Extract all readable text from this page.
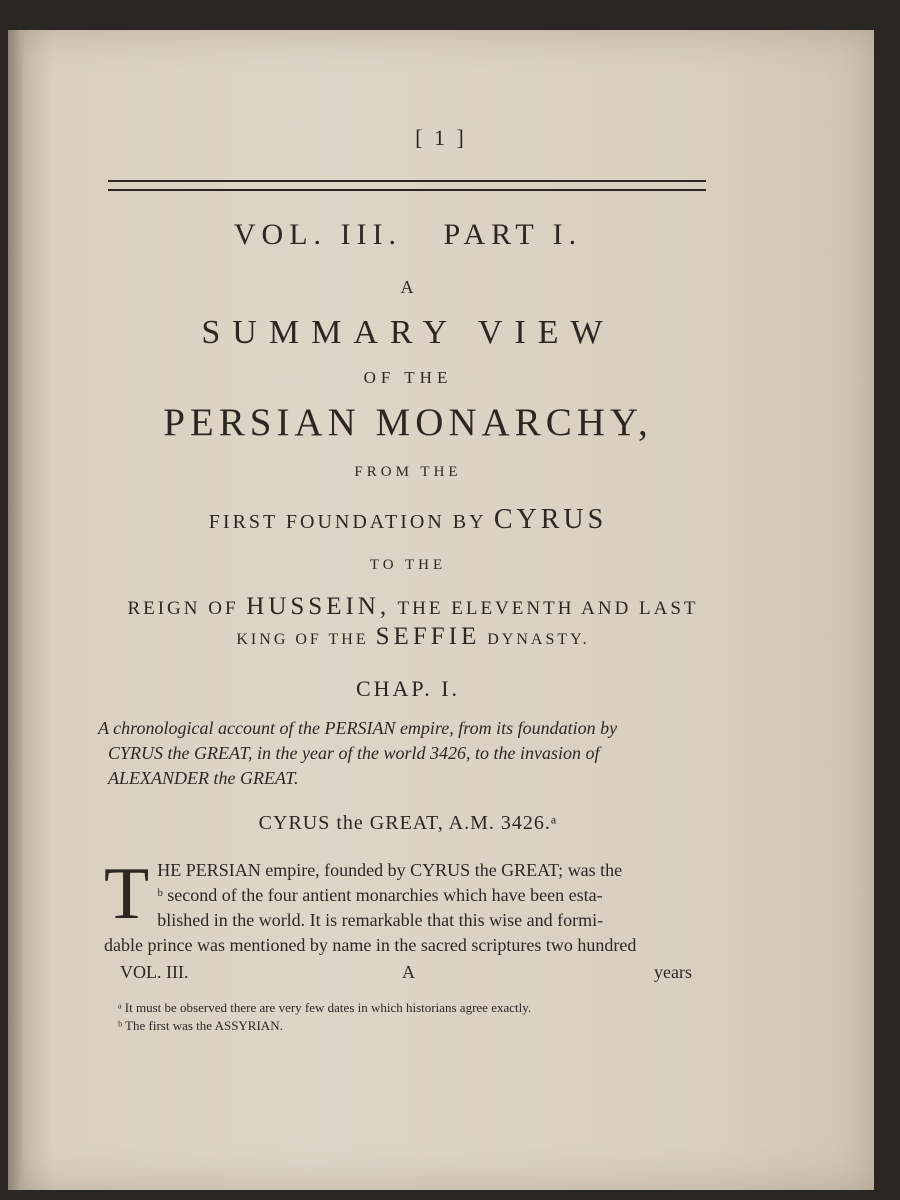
[ 1 ]
VOL. III. PART I.
A
SUMMARY VIEW
OF THE
PERSIAN MONARCHY,
FROM THE
FIRST FOUNDATION BY CYRUS
TO THE
REIGN OF HUSSEIN, THE ELEVENTH AND LAST
KING OF THE SEFFIE DYNASTY.
CHAP. I.

A chronological account of the PERSIAN empire, from its foundation by

CYRUS the GREAT, in the year of the world 3426, to the invasion of

ALEXANDER the GREAT.

CYRUS the GREAT, A.M. 3426.ᵃ
T HE PERSIAN empire, founded by CYRUS the GREAT; was the

ᵇ second of the four antient monarchies which have been esta-

blished in the world. It is remarkable that this wise and formi-

dable prince was mentioned by name in the sacred scriptures two hundred

VOL. III.	A	years
ᵃ It must be observed there are very few dates in which historians agree exactly.
ᵇ The first was the ASSYRIAN.
